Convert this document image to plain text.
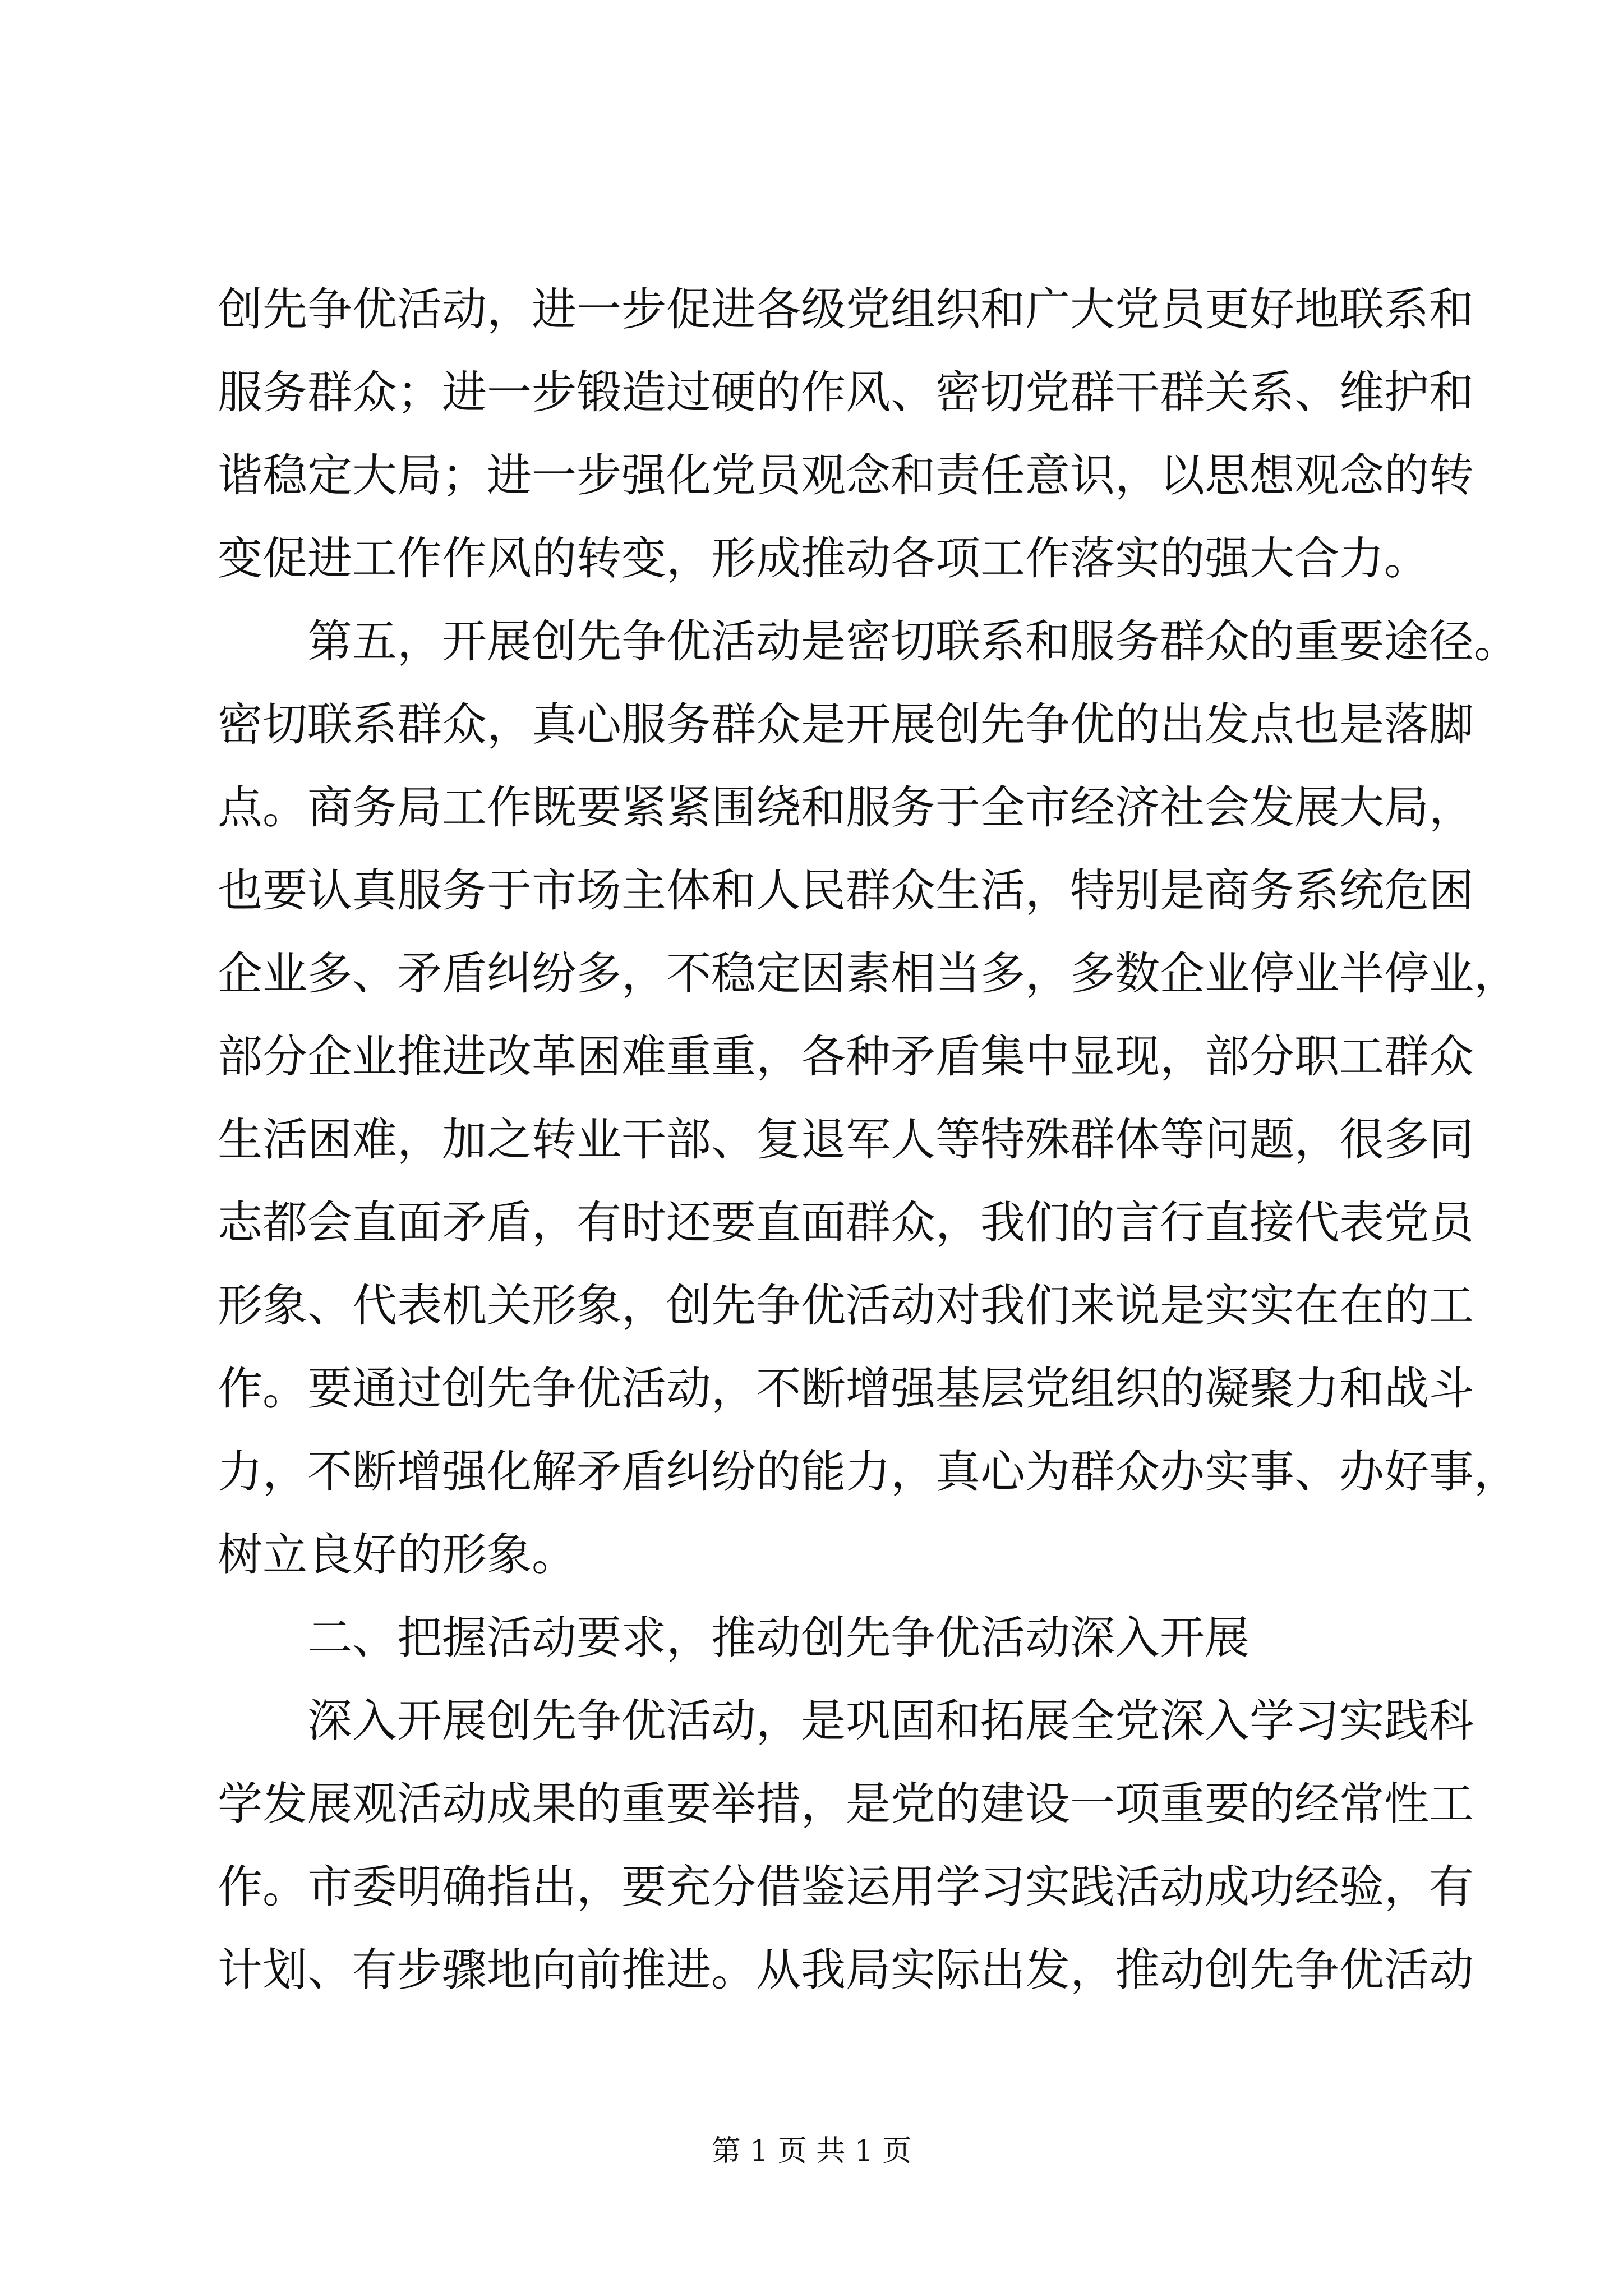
创先争优活动，进一步促进各级党组织和广大党员更好地联系和
服务群众；进一步锻造过硬的作风、密切党群干群关系、维护和
谐稳定大局；进一步强化党员观念和责任意识，以思想观念的转
变促进工作作风的转变，形成推动各项工作落实的强大合力。
第五，开展创先争优活动是密切联系和服务群众的重要途径。
密切联系群众，真心服务群众是开展创先争优的出发点也是落脚
点。商务局工作既要紧紧围绕和服务于全市经济社会发展大局，
也要认真服务于市场主体和人民群众生活，特别是商务系统危困
企业多、矛盾纠纷多，不稳定因素相当多，多数企业停业半停业，
部分企业推进改革困难重重，各种矛盾集中显现，部分职工群众
生活困难，加之转业干部、复退军人等特殊群体等问题，很多同
志都会直面矛盾，有时还要直面群众，我们的言行直接代表党员
形象、代表机关形象，创先争优活动对我们来说是实实在在的工
作。要通过创先争优活动，不断增强基层党组织的凝聚力和战斗
力，不断增强化解矛盾纠纷的能力，真心为群众办实事、办好事，
树立良好的形象。
二、把握活动要求，推动创先争优活动深入开展
深入开展创先争优活动，是巩固和拓展全党深入学习实践科
学发展观活动成果的重要举措，是党的建设一项重要的经常性工
作。市委明确指出，要充分借鉴运用学习实践活动成功经验，有
计划、有步骤地向前推进。从我局实际出发，推动创先争优活动
第 1 页 共 1 页
